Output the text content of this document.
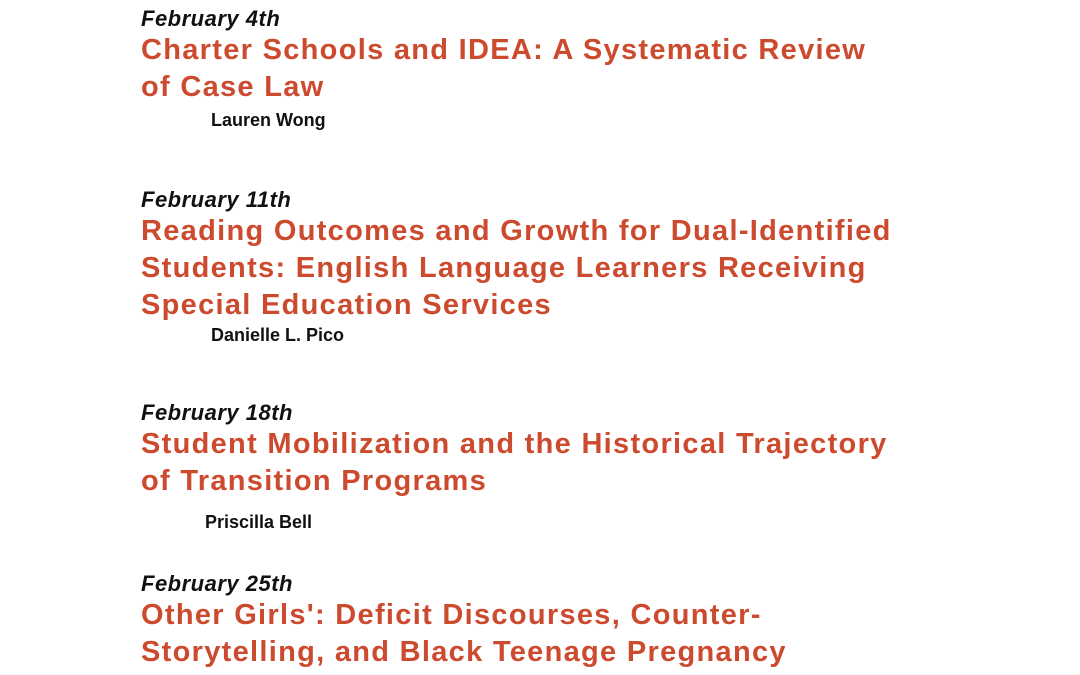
February 4th

Charter Schools and IDEA: A Systematic Review
of Case Law

Lauren Wong

February 11th

Reading Outcomes and Growth for Dual-Identified
Students: English Language Learners Receiving
Special Education Services

Danielle L. Pico

February 18th

Student Mobilization and the Historical Trajectory
of Transition Programs

Priscilla Bell

February 25th

Other Girls': Deficit Discourses, Counter-
Storytelling, and Black Teenage Pregnancy
